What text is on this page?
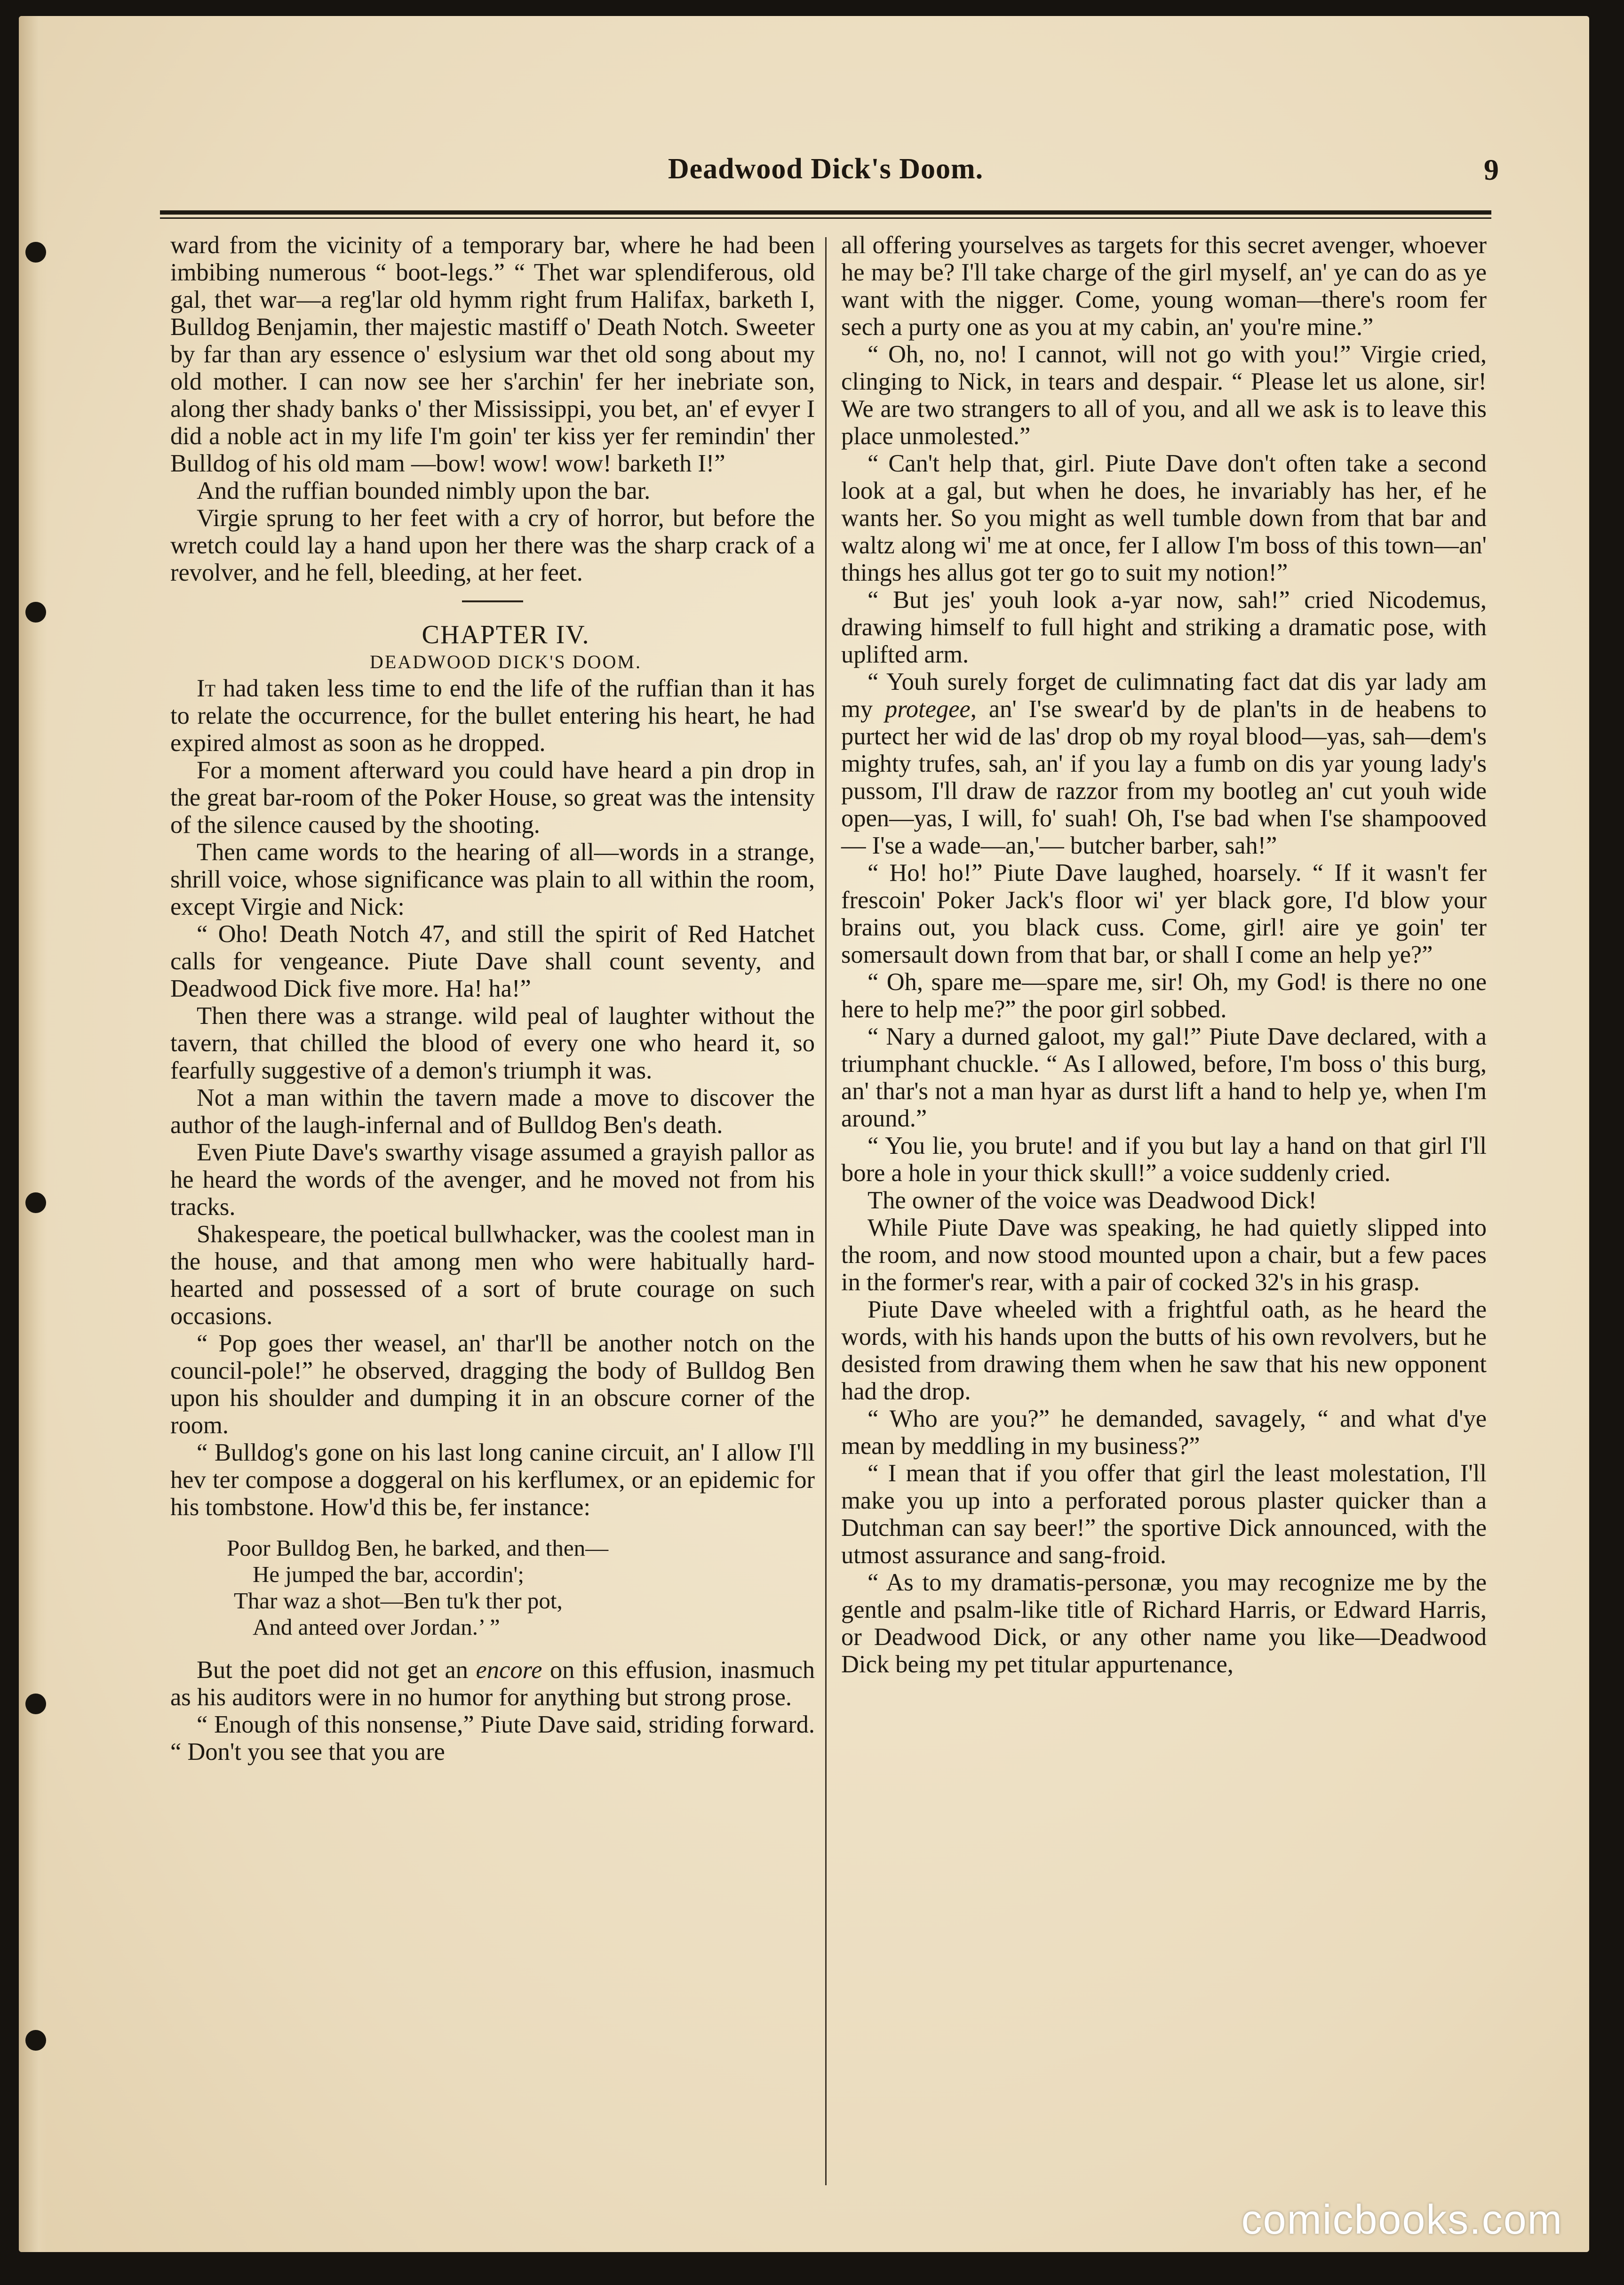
Deadwood Dick's Doom.	9

ward from the vicinity of a temporary bar, where he had been imbibing numerous “ boot-legs.” “ Thet war splendiferous, old gal, thet war—a reg'lar old hymm right frum Halifax, barketh I, Bulldog Benjamin, ther majestic mastiff o' Death Notch. Sweeter by far than ary essence o' eslysium war thet old song about my old mother. I can now see her s'archin' fer her inebriate son, along ther shady banks o' ther Mississippi, you bet, an' ef evyer I did a noble act in my life I'm goin' ter kiss yer fer remindin' ther Bulldog of his old mam —bow! wow! wow! barketh I!”

And the ruffian bounded nimbly upon the bar.

Virgie sprung to her feet with a cry of horror, but before the wretch could lay a hand upon her there was the sharp crack of a revolver, and he fell, bleeding, at her feet.

CHAPTER IV.

DEADWOOD DICK'S DOOM.

It had taken less time to end the life of the ruffian than it has to relate the occurrence, for the bullet entering his heart, he had expired almost as soon as he dropped.

For a moment afterward you could have heard a pin drop in the great bar-room of the Poker House, so great was the intensity of the silence caused by the shooting.

Then came words to the hearing of all—words in a strange, shrill voice, whose significance was plain to all within the room, except Virgie and Nick:

“ Oho! Death Notch 47, and still the spirit of Red Hatchet calls for vengeance. Piute Dave shall count seventy, and Deadwood Dick five more. Ha! ha!”

Then there was a strange. wild peal of laughter without the tavern, that chilled the blood of every one who heard it, so fearfully suggestive of a demon's triumph it was.

Not a man within the tavern made a move to discover the author of the laugh-infernal and of Bulldog Ben's death.

Even Piute Dave's swarthy visage assumed a grayish pallor as he heard the words of the avenger, and he moved not from his tracks.

Shakespeare, the poetical bullwhacker, was the coolest man in the house, and that among men who were habitually hard-hearted and possessed of a sort of brute courage on such occasions.

“ Pop goes ther weasel, an' thar'll be another notch on the council-pole!” he observed, dragging the body of Bulldog Ben upon his shoulder and dumping it in an obscure corner of the room.

“ Bulldog's gone on his last long canine circuit, an' I allow I'll hev ter compose a doggeral on his kerflumex, or an epidemic for his tombstone. How'd this be, fer instance:

Poor Bulldog Ben, he barked, and then—
He jumped the bar, accordin';
Thar waz a shot—Ben tu'k ther pot,
And anteed over Jordan.’ ”

But the poet did not get an encore on this effusion, inasmuch as his auditors were in no humor for anything but strong prose.

“ Enough of this nonsense,” Piute Dave said, striding forward. “ Don't you see that you are

all offering yourselves as targets for this secret avenger, whoever he may be? I'll take charge of the girl myself, an' ye can do as ye want with the nigger. Come, young woman—there's room fer sech a purty one as you at my cabin, an' you're mine.”

“ Oh, no, no! I cannot, will not go with you!” Virgie cried, clinging to Nick, in tears and despair. “ Please let us alone, sir! We are two strangers to all of you, and all we ask is to leave this place unmolested.”

“ Can't help that, girl. Piute Dave don't often take a second look at a gal, but when he does, he invariably has her, ef he wants her. So you might as well tumble down from that bar and waltz along wi' me at once, fer I allow I'm boss of this town—an' things hes allus got ter go to suit my notion!”

“ But jes' youh look a-yar now, sah!” cried Nicodemus, drawing himself to full hight and striking a dramatic pose, with uplifted arm.

“ Youh surely forget de culimnating fact dat dis yar lady am my protegee, an' I'se swear'd by de plan'ts in de heabens to purtect her wid de las' drop ob my royal blood—yas, sah—dem's mighty trufes, sah, an' if you lay a fumb on dis yar young lady's pussom, I'll draw de razzor from my bootleg an' cut youh wide open—yas, I will, fo' suah! Oh, I'se bad when I'se shampooved — I'se a wade—an,'— butcher barber, sah!”

“ Ho! ho!” Piute Dave laughed, hoarsely. “ If it wasn't fer frescoin' Poker Jack's floor wi' yer black gore, I'd blow your brains out, you black cuss. Come, girl! aire ye goin' ter somersault down from that bar, or shall I come an help ye?”

“ Oh, spare me—spare me, sir! Oh, my God! is there no one here to help me?” the poor girl sobbed.

“ Nary a durned galoot, my gal!” Piute Dave declared, with a triumphant chuckle. “ As I allowed, before, I'm boss o' this burg, an' thar's not a man hyar as durst lift a hand to help ye, when I'm around.”

“ You lie, you brute! and if you but lay a hand on that girl I'll bore a hole in your thick skull!” a voice suddenly cried.

The owner of the voice was Deadwood Dick!

While Piute Dave was speaking, he had quietly slipped into the room, and now stood mounted upon a chair, but a few paces in the former's rear, with a pair of cocked 32's in his grasp.

Piute Dave wheeled with a frightful oath, as he heard the words, with his hands upon the butts of his own revolvers, but he desisted from drawing them when he saw that his new opponent had the drop.

“ Who are you?” he demanded, savagely, “ and what d'ye mean by meddling in my business?”

“ I mean that if you offer that girl the least molestation, I'll make you up into a perforated porous plaster quicker than a Dutchman can say beer!” the sportive Dick announced, with the utmost assurance and sang-froid.

“ As to my dramatis-personæ, you may recognize me by the gentle and psalm-like title of Richard Harris, or Edward Harris, or Deadwood Dick, or any other name you like—Deadwood Dick being my pet titular appurtenance,

comicbooks.com
